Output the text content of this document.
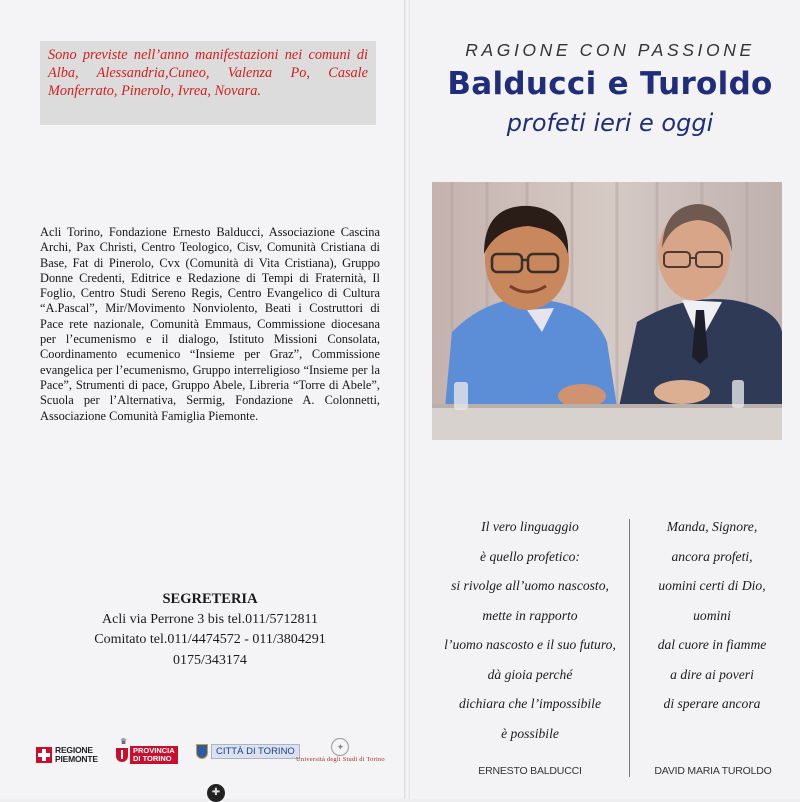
Sono previste nell’anno manifestazioni nei comuni di Alba, Alessandria,Cuneo, Valenza Po, Casale Monferrato, Pinerolo, Ivrea, Novara.
Acli Torino, Fondazione Ernesto Balducci, Associazione Cascina Archi, Pax Christi, Centro Teologico, Cisv, Comunità Cristiana di Base, Fat di Pinerolo, Cvx (Comunità di Vita Cristiana), Gruppo Donne Credenti, Editrice e Redazione di Tempi di Fraternità, Il Foglio, Centro Studi Sereno Regis, Centro Evangelico di Cultura “A.Pascal”, Mir/Movimento Nonviolento, Beati i Costruttori di Pace rete nazionale, Comunità Emmaus, Commissione diocesana per l’ecumenismo e il dialogo, Istituto Missioni Consolata, Coordinamento ecumenico “Insieme per Graz”, Commissione evangelica per l’ecumenismo, Gruppo interreligioso “Insieme per la Pace”, Strumenti di pace, Gruppo Abele, Libreria “Torre di Abele”, Scuola per l’Alternativa, Sermig, Fondazione A. Colonnetti, Associazione Comunità Famiglia Piemonte.
SEGRETERIA
Acli via Perrone 3 bis tel.011/5712811
Comitato tel.011/4474572 - 011/3804291
0175/343174
REGIONE
PIEMONTE
♛
PROVINCIA
DI TORINO
CITTÀ DI TORINO	✦
Università degli Studi di Torino
✚
RAGIONE CON PASSIONE
Balducci e Turoldo
profeti ieri e oggi
Il vero linguaggio
è quello profetico:
si rivolge all’uomo nascosto,
mette in rapporto
l’uomo nascosto e il suo futuro,
dà gioia perché
dichiara che l’impossibile
è possibile
Manda, Signore,
ancora profeti,
uomini certi di Dio,
uomini
dal cuore in fiamme
a dire ai poveri
di sperare ancora
ERNESTO BALDUCCI	DAVID MARIA TUROLDO
